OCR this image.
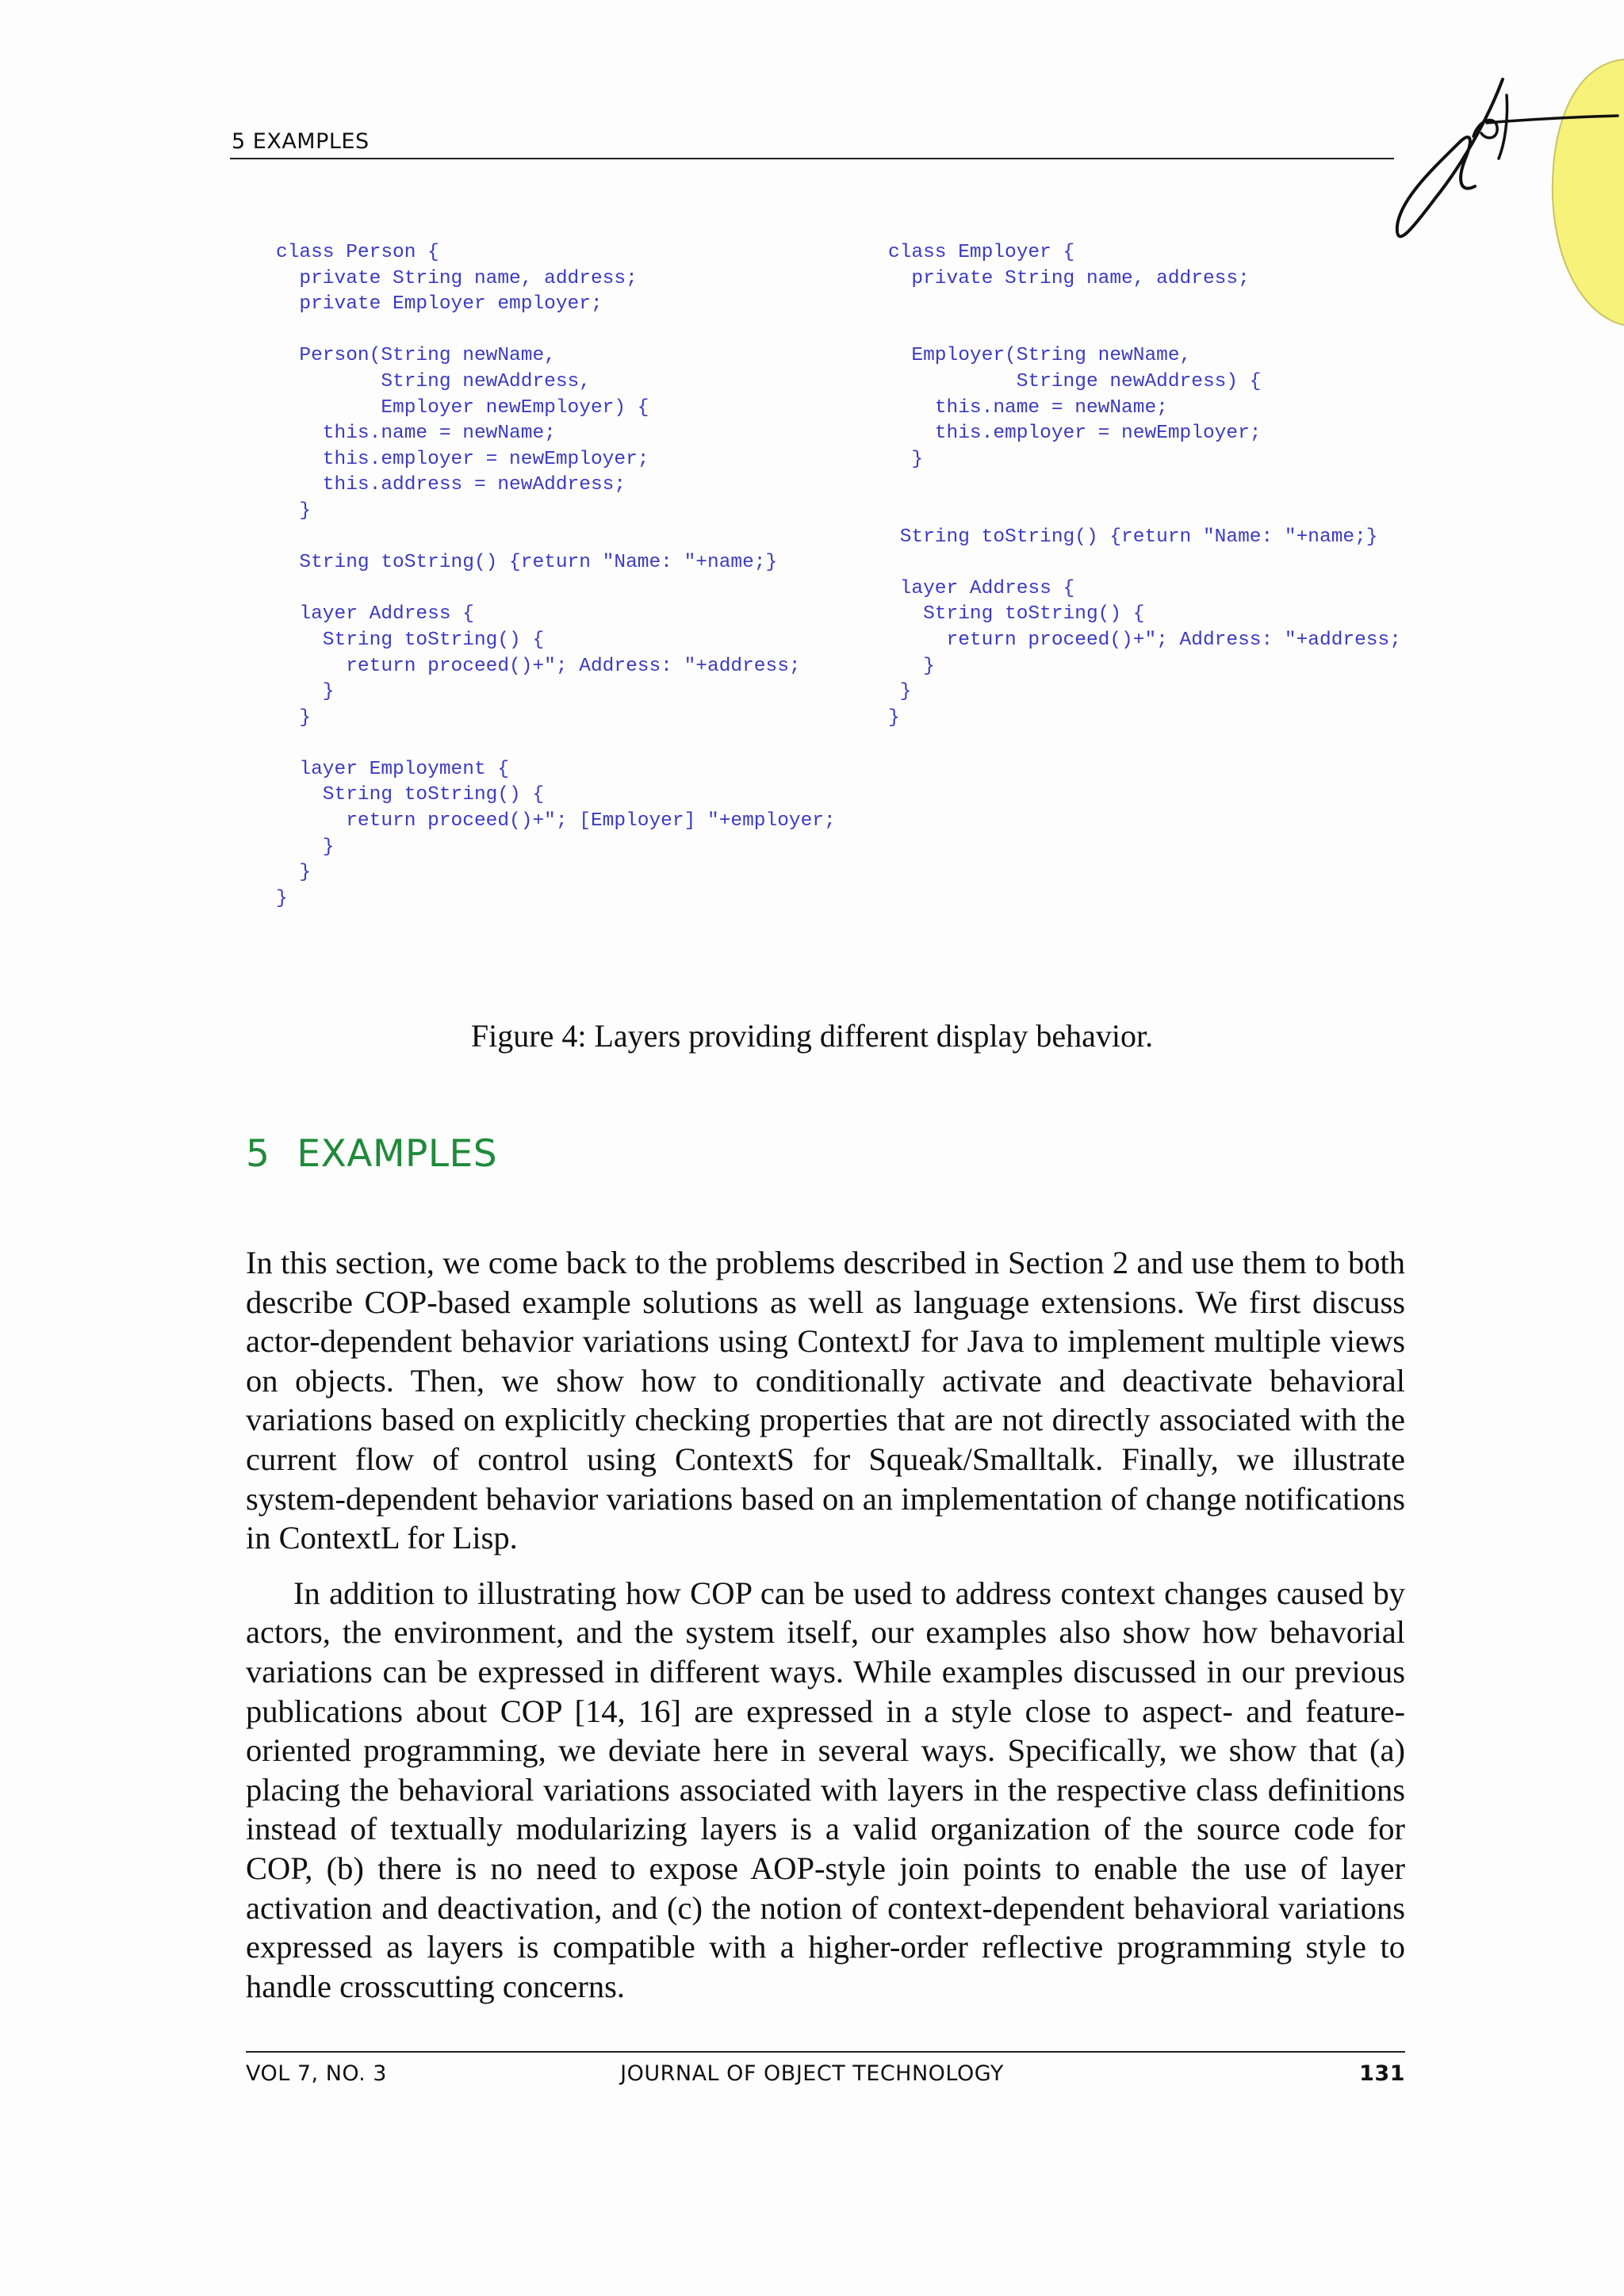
5 EXAMPLES
class Person {
private String name, address;
private Employer employer;

Person(String newName,
String newAddress,
Employer newEmployer) {
this.name = newName;
this.employer = newEmployer;
this.address = newAddress;
}

String toString() {return "Name: "+name;}

layer Address {
String toString() {
return proceed()+"; Address: "+address;
}
}

layer Employment {
String toString() {
return proceed()+"; [Employer] "+employer;
}
}
}
class Employer {
private String name, address;

Employer(String newName,
Stringe newAddress) {
this.name = newName;
this.employer = newEmployer;
}

String toString() {return "Name: "+name;}

layer Address {
String toString() {
return proceed()+"; Address: "+address;
}
}
}
Figure 4: Layers providing different display behavior.
5 EXAMPLES

In this section, we come back to the problems described in Section 2 and use them to both describe COP-based example solutions as well as language extensions. We first discuss actor-dependent behavior variations using ContextJ for Java to implement multiple views on objects. Then, we show how to conditionally activate and deactivate behavioral variations based on explicitly checking properties that are not directly associated with the current flow of control using ContextS for Squeak/Smalltalk. Finally, we illustrate system-dependent behavior variations based on an implementation of change notifications in ContextL for Lisp.

In addition to illustrating how COP can be used to address context changes caused by actors, the environment, and the system itself, our examples also show how behavorial variations can be expressed in different ways. While examples discussed in our previous publications about COP [14, 16] are expressed in a style close to aspect- and feature-oriented programming, we deviate here in several ways. Specifically, we show that (a) placing the behavioral variations associated with layers in the respective class definitions instead of textually modularizing layers is a valid organization of the source code for COP, (b) there is no need to expose AOP-style join points to enable the use of layer activation and deactivation, and (c) the notion of context-dependent behavioral variations expressed as layers is compatible with a higher-order reflective programming style to handle crosscutting concerns.

VOL 7, NO. 3	JOURNAL OF OBJECT TECHNOLOGY	131
